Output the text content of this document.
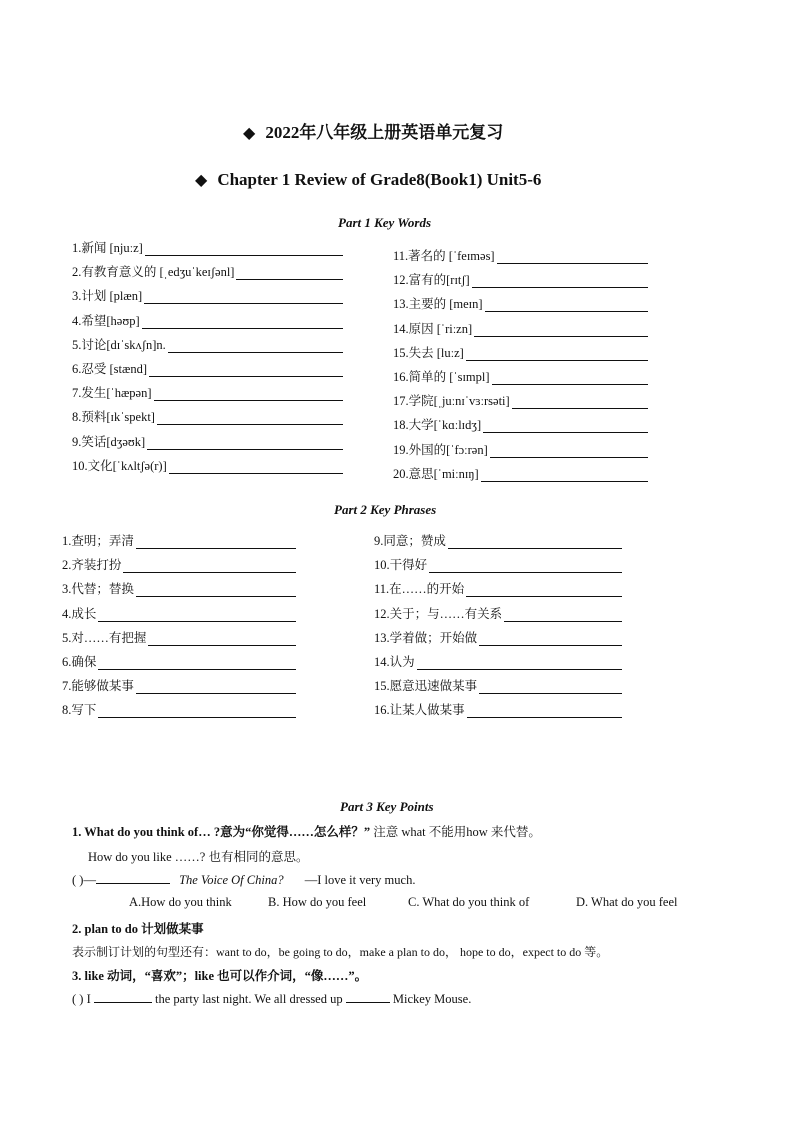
◆ 2022年八年级上册英语单元复习
◆ Chapter 1 Review of Grade8(Book1) Unit5-6
Part 1 Key Words
1.新闻 [njuːz]
2.有教育意义的 [ˌedʒuˈkeɪʃənl]
3.计划 [plæn]
4.希望[həʊp]
5.讨论[dɪˈskʌʃn]n.
6.忍受 [stænd]
7.发生[ˈhæpən]
8.预料[ɪkˈspekt]
9.笑话[dʒəʊk]
10.文化[ˈkʌltʃə(r)]
11.著名的 [ˈfeɪməs]
12.富有的[rɪtʃ]
13.主要的 [meɪn]
14.原因 [ˈriːzn]
15.失去 [luːz]
16.简单的 [ˈsɪmpl]
17.学院[ˌjuːnɪˈvɜːrsəti]
18.大学[ˈkɑːlɪdʒ]
19.外国的[ˈfɔːrən]
20.意思[ˈmiːnɪŋ]
Part 2 Key Phrases
1.查明；弄清
2.齐装打扮
3.代替；替换
4.成长
5.对……有把握
6.确保
7.能够做某事
8.写下
9.同意；赞成
10.干得好
11.在……的开始
12.关于；与……有关系
13.学着做；开始做
14.认为
15.愿意迅速做某事
16.让某人做某事
Part 3 Key Points
1. What do you think of… ?意为“你觉得……怎么样？” 注意 what 不能用how 来代替。
How do you like ……? 也有相同的意思。
( )—	The Voice Of China? —I love it very much.
A.How do you think	B. How do you feel	C. What do you think of	D. What do you feel
2. plan to do 计划做某事
表示制订计划的句型还有：want to do，be going to do，make a plan to do， hope to do，expect to do 等。
3. like 动词，“喜欢”；like 也可以作介词，“像……”。
( ) I	the party last night. We all dressed up	Mickey Mouse.
